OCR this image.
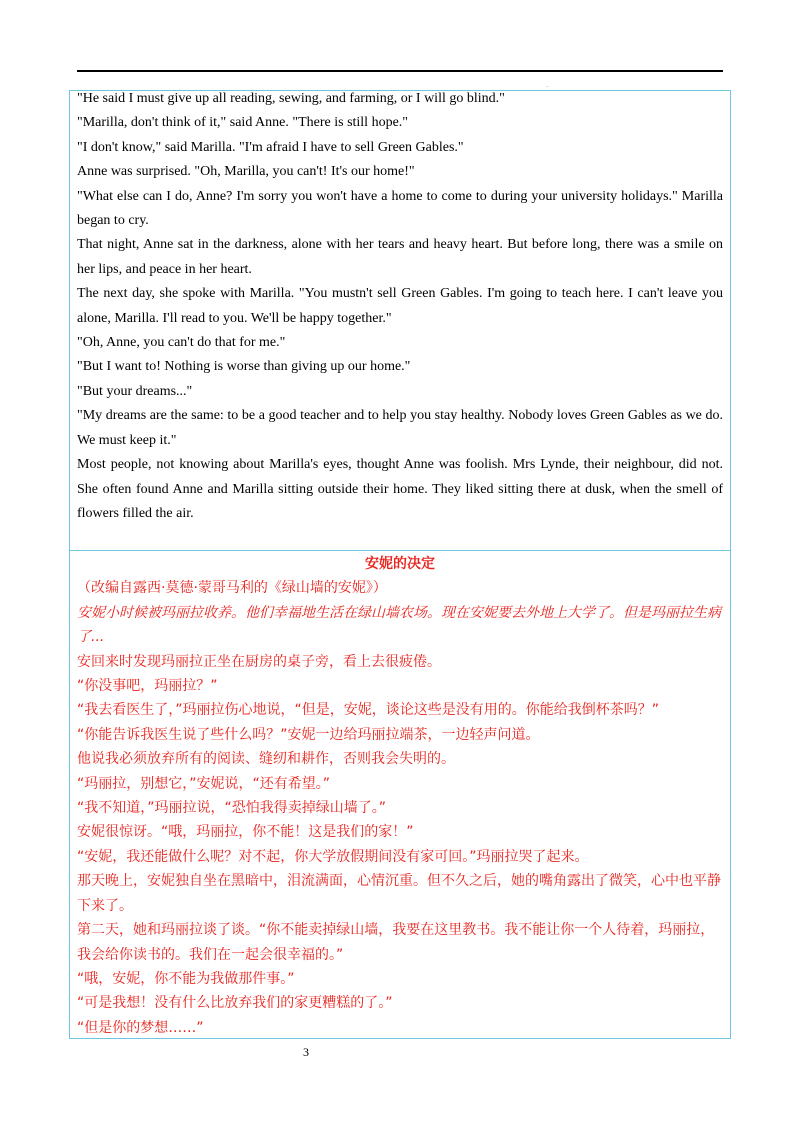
.

"He said I must give up all reading, sewing, and farming, or I will go blind."

"Marilla, don't think of it," said Anne. "There is still hope."

"I don't know," said Marilla. "I'm afraid I have to sell Green Gables."

Anne was surprised. "Oh, Marilla, you can't! It's our home!"

"What else can I do, Anne? I'm sorry you won't have a home to come to during your university holidays." Marilla began to cry.

That night, Anne sat in the darkness, alone with her tears and heavy heart. But before long, there was a smile on her lips, and peace in her heart.

The next day, she spoke with Marilla. "You mustn't sell Green Gables. I'm going to teach here. I can't leave you alone, Marilla. I'll read to you. We'll be happy together."

"Oh, Anne, you can't do that for me."

"But I want to! Nothing is worse than giving up our home."

"But your dreams..."

"My dreams are the same: to be a good teacher and to help you stay healthy. Nobody loves Green Gables as we do. We must keep it."

Most people, not knowing about Marilla's eyes, thought Anne was foolish. Mrs Lynde, their neighbour, did not. She often found Anne and Marilla sitting outside their home. They liked sitting there at dusk, when the smell of flowers filled the air.

安妮的决定

（改编自露西·莫德·蒙哥马利的《绿山墙的安妮》）

安妮小时候被玛丽拉收养。他们幸福地生活在绿山墙农场。现在安妮要去外地上大学了。但是玛丽拉生病了...

安回来时发现玛丽拉正坐在厨房的桌子旁，看上去很疲倦。

“你没事吧，玛丽拉？”

“我去看医生了，”玛丽拉伤心地说，“但是，安妮，谈论这些是没有用的。你能给我倒杯茶吗？”

“你能告诉我医生说了些什么吗？”安妮一边给玛丽拉端茶，一边轻声问道。

他说我必须放弃所有的阅读、缝纫和耕作，否则我会失明的。

“玛丽拉，别想它，”安妮说，“还有希望。”

“我不知道，”玛丽拉说，“恐怕我得卖掉绿山墙了。”

安妮很惊讶。“哦，玛丽拉，你不能！这是我们的家！”

“安妮，我还能做什么呢？对不起，你大学放假期间没有家可回。”玛丽拉哭了起来。

那天晚上，安妮独自坐在黑暗中，泪流满面，心情沉重。但不久之后，她的嘴角露出了微笑，心中也平静下来了。

第二天，她和玛丽拉谈了谈。“你不能卖掉绿山墙，我要在这里教书。我不能让你一个人待着，玛丽拉，我会给你读书的。我们在一起会很幸福的。”

“哦，安妮，你不能为我做那件事。”

“可是我想！没有什么比放弃我们的家更糟糕的了。”

“但是你的梦想……”

3
